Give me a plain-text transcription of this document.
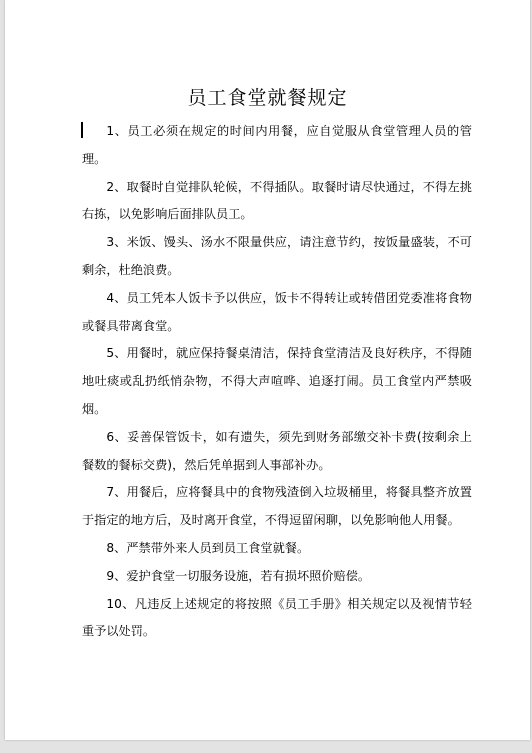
员工食堂就餐规定

1、员工必须在规定的时间内用餐，应自觉服从食堂管理人员的管理。

2、取餐时自觉排队轮候，不得插队。取餐时请尽快通过，不得左挑右拣，以免影响后面排队员工。

3、米饭、馒头、汤水不限量供应，请注意节约，按饭量盛装，不可剩余，杜绝浪费。

4、员工凭本人饭卡予以供应，饭卡不得转让或转借团党委准将食物或餐具带离食堂。

5、用餐时，就应保持餐桌清洁，保持食堂清洁及良好秩序，不得随地吐痰或乱扔纸悄杂物，不得大声喧哗、追逐打闹。员工食堂内严禁吸烟。

6、妥善保管饭卡，如有遗失，须先到财务部缴交补卡费(按剩余上餐数的餐标交费)，然后凭单据到人事部补办。

7、用餐后，应将餐具中的食物残渣倒入垃圾桶里，将餐具整齐放置于指定的地方后，及时离开食堂，不得逗留闲聊，以免影响他人用餐。

8、严禁带外来人员到员工食堂就餐。

9、爱护食堂一切服务设施，若有损坏照价赔偿。

10、凡违反上述规定的将按照《员工手册》相关规定以及视情节轻重予以处罚。
